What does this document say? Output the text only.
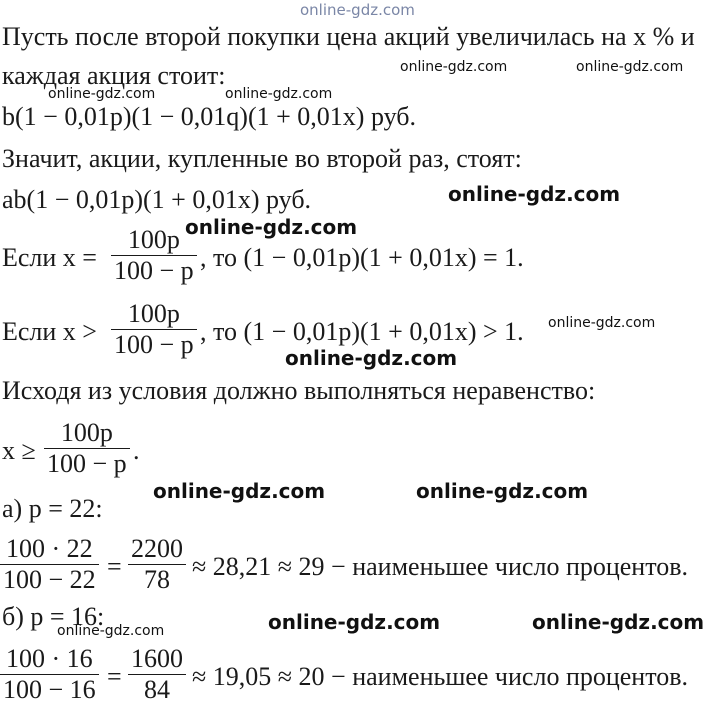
online-gdz.com
online-gdz.com	online-gdz.com
online-gdz.com	online-gdz.com
online-gdz.com
online-gdz.com
online-gdz.com
online-gdz.com
online-gdz.com	online-gdz.com
online-gdz.com	online-gdz.com
online-gdz.com
Пусть после второй покупки цена акций увеличилась на x % и
каждая акция стоит:
b(1 − 0,01p)(1 − 0,01q)(1 + 0,01x) руб.
Значит, акции, купленные во второй раз, стоят:
ab(1 − 0,01p)(1 + 0,01x) руб.
Если $x = \frac{100p}{100 - p}$ , то (1 − 0,01p)(1 + 0,01x) = 1.
Если $x > \frac{100p}{100 - p}$ , то (1 − 0,01p)(1 + 0,01x) > 1.
Исходя из условия должно выполняться неравенство:
$x \ge \frac{100p}{100 - p}$ .
а) p = 22:
$\frac{100 \cdot 22}{100 - 22} = \frac{2200}{78} \approx 28,21 \approx 29$ − наименьшее число процентов.
б) p = 16:
$\frac{100 \cdot 16}{100 - 16} = \frac{1600}{84} \approx 19,05 \approx 20$ − наименьшее число процентов.
